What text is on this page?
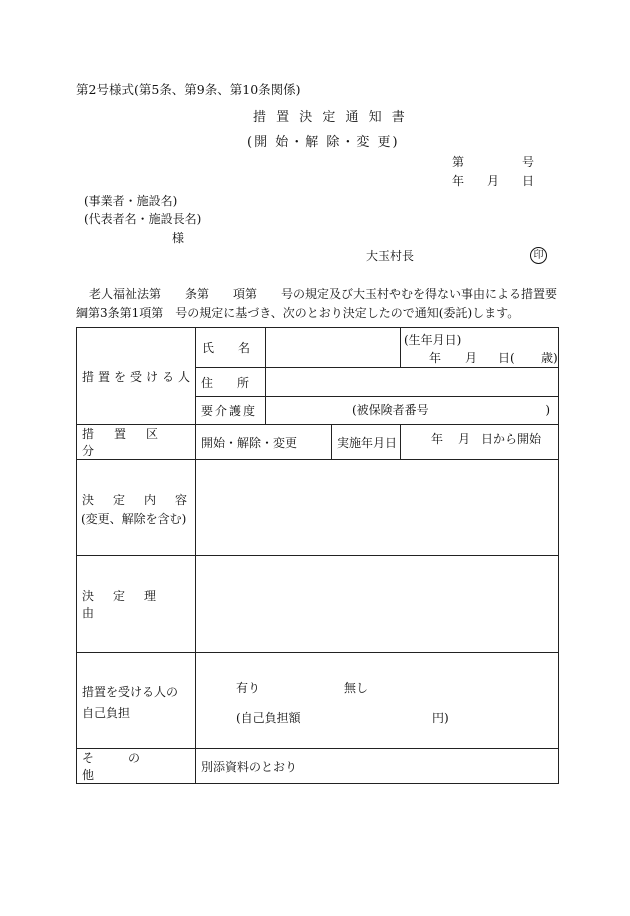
第2号様式(第5条、第9条、第10条関係)
措 置 決 定 通 知 書
(開 始・解 除・変 更)
第	号
年 月 日
(事業者・施設名)
(代表者名・施設長名)
様
大玉村長	印
老人福祉法第　　条第　　項第　　号の規定及び大玉村やむを得ない事由による措置要
綱第3条第1項第　号の規定に基づき、次のとおり決定したので通知(委託)します。
措置を受ける人	氏　　名			(生年月日)
年 月 日( 歳)

	住　　所			
	要介護度	(被保険者番号 )		

措置区分	開始・解除・変更		実施年月日	年 月 日から開始

決定内容
(変更、解除を含む)				

決定理由				

措置を受ける人の
自己負担	有り 無し
(自己負担額 円)			

その他	別添資料のとおり			
